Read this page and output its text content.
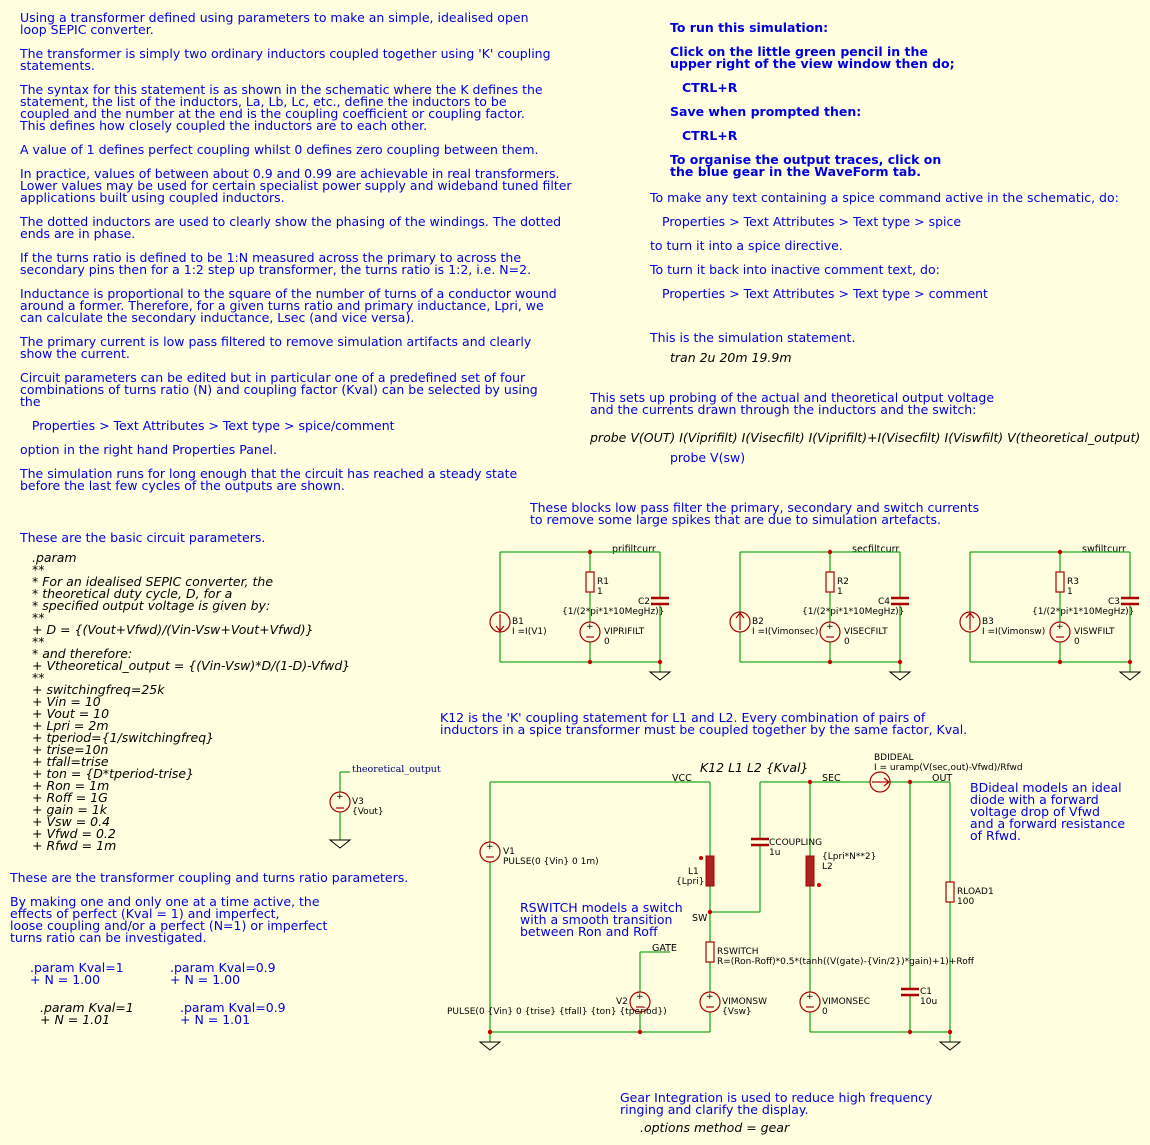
Using a transformer defined using parameters to make an simple, idealised open
loop SEPIC converter.
The transformer is simply two ordinary inductors coupled together using 'K' coupling
statements.
The syntax for this statement is as shown in the schematic where the K defines the
statement, the list of the inductors, La, Lb, Lc, etc., define the inductors to be
coupled and the number at the end is the coupling coefficient or coupling factor.
This defines how closely coupled the inductors are to each other.
A value of 1 defines perfect coupling whilst 0 defines zero coupling between them.
In practice, values of between about 0.9 and 0.99 are achievable in real transformers.
Lower values may be used for certain specialist power supply and wideband tuned filter
applications built using coupled inductors.
The dotted inductors are used to clearly show the phasing of the windings. The dotted
ends are in phase.
If the turns ratio is defined to be 1:N measured across the primary to across the
secondary pins then for a 1:2 step up transformer, the turns ratio is 1:2, i.e. N=2.
Inductance is proportional to the square of the number of turns of a conductor wound
around a former. Therefore, for a given turns ratio and primary inductance, Lpri, we
can calculate the secondary inductance, Lsec (and vice versa).
The primary current is low pass filtered to remove simulation artifacts and clearly
show the current.
Circuit parameters can be edited but in particular one of a predefined set of four
combinations of turns ratio (N) and coupling factor (Kval) can be selected by using
the
Properties > Text Attributes > Text type > spice/comment
option in the right hand Properties Panel.
The simulation runs for long enough that the circuit has reached a steady state
before the last few cycles of the outputs are shown.
These are the basic circuit parameters.
.param
**
* For an idealised SEPIC converter, the
* theoretical duty cycle, D, for a
* specified output voltage is given by:
**
+ D = {(Vout+Vfwd)/(Vin-Vsw+Vout+Vfwd)}
**
* and therefore:
+ Vtheoretical_output = {(Vin-Vsw)*D/(1-D)-Vfwd}
**
+ switchingfreq=25k
+ Vin = 10
+ Vout = 10
+ Lpri = 2m
+ tperiod={1/switchingfreq}
+ trise=10n
+ tfall=trise
+ ton = {D*tperiod-trise}
+ Ron = 1m
+ Roff = 1G
+ gain = 1k
+ Vsw = 0.4
+ Vfwd = 0.2
+ Rfwd = 1m
theoretical_output
+ V3
{Vout}
These are the transformer coupling and turns ratio parameters.
By making one and only one at a time active, the
effects of perfect (Kval = 1) and imperfect,
loose coupling and/or a perfect (N=1) or imperfect
turns ratio can be investigated.
.param Kval=1
+ N = 1.00
.param Kval=0.9
+ N = 1.00
.param Kval=1
+ N = 1.01
.param Kval=0.9
+ N = 1.01
To run this simulation:
Click on the little green pencil in the
upper right of the view window then do;
CTRL+R
Save when prompted then:
CTRL+R
To organise the output traces, click on
the blue gear in the WaveForm tab.
To make any text containing a spice command active in the schematic, do:
Properties > Text Attributes > Text type > spice
to turn it into a spice directive.
To turn it back into inactive comment text, do:
Properties > Text Attributes > Text type > comment
This is the simulation statement.
tran 2u 20m 19.9m
This sets up probing of the actual and theoretical output voltage
and the currents drawn through the inductors and the switch:
probe V(OUT) I(Viprifilt) I(Visecfilt) I(Viprifilt)+I(Visecfilt) I(Viswfilt) V(theoretical_output)
probe V(sw)
These blocks low pass filter the primary, secondary and switch currents
to remove some large spikes that are due to simulation artefacts.
prifiltcurr
B1
I =I(V1)
R1
1
C2
{1/(2*pi*1*10MegHz)}
+ VIPRIFILT
0
secfiltcurr
B2
I =I(Vimonsec)
R2
1
C4
{1/(2*pi*1*10MegHz)}
+ VISECFILT
0
swfiltcurr
B3
I =I(Vimonsw)
R3
1
C3
{1/(2*pi*1*10MegHz)}
+ VISWFILT
0
K12 is the 'K' coupling statement for L1 and L2. Every combination of pairs of
inductors in a spice transformer must be coupled together by the same factor, Kval.
K12 L1 L2 {Kval}
VCC	SEC	OUT
SW
GATE
+ V1
PULSE(0 {Vin} 0 1m)
L1
{Lpri}
CCOUPLING
1u	{Lpri*N**2}
L2
BDIDEAL
I = uramp(V(sec,out)-Vfwd)/Rfwd
RLOAD1
100
C1
10u
RSWITCH
R=(Ron-Roff)*0.5*(tanh((V(gate)-{Vin/2})*gain)+1)+Roff
+
V2
PULSE(0 {Vin} 0 {trise} {tfall} {ton} {tperiod})
+ VIMONSW
{Vsw}
+ VIMONSEC
0
RSWITCH models a switch
with a smooth transition
between Ron and Roff
BDideal models an ideal
diode with a forward
voltage drop of Vfwd
and a forward resistance
of Rfwd.
Gear Integration is used to reduce high frequency
ringing and clarify the display.
.options method = gear
